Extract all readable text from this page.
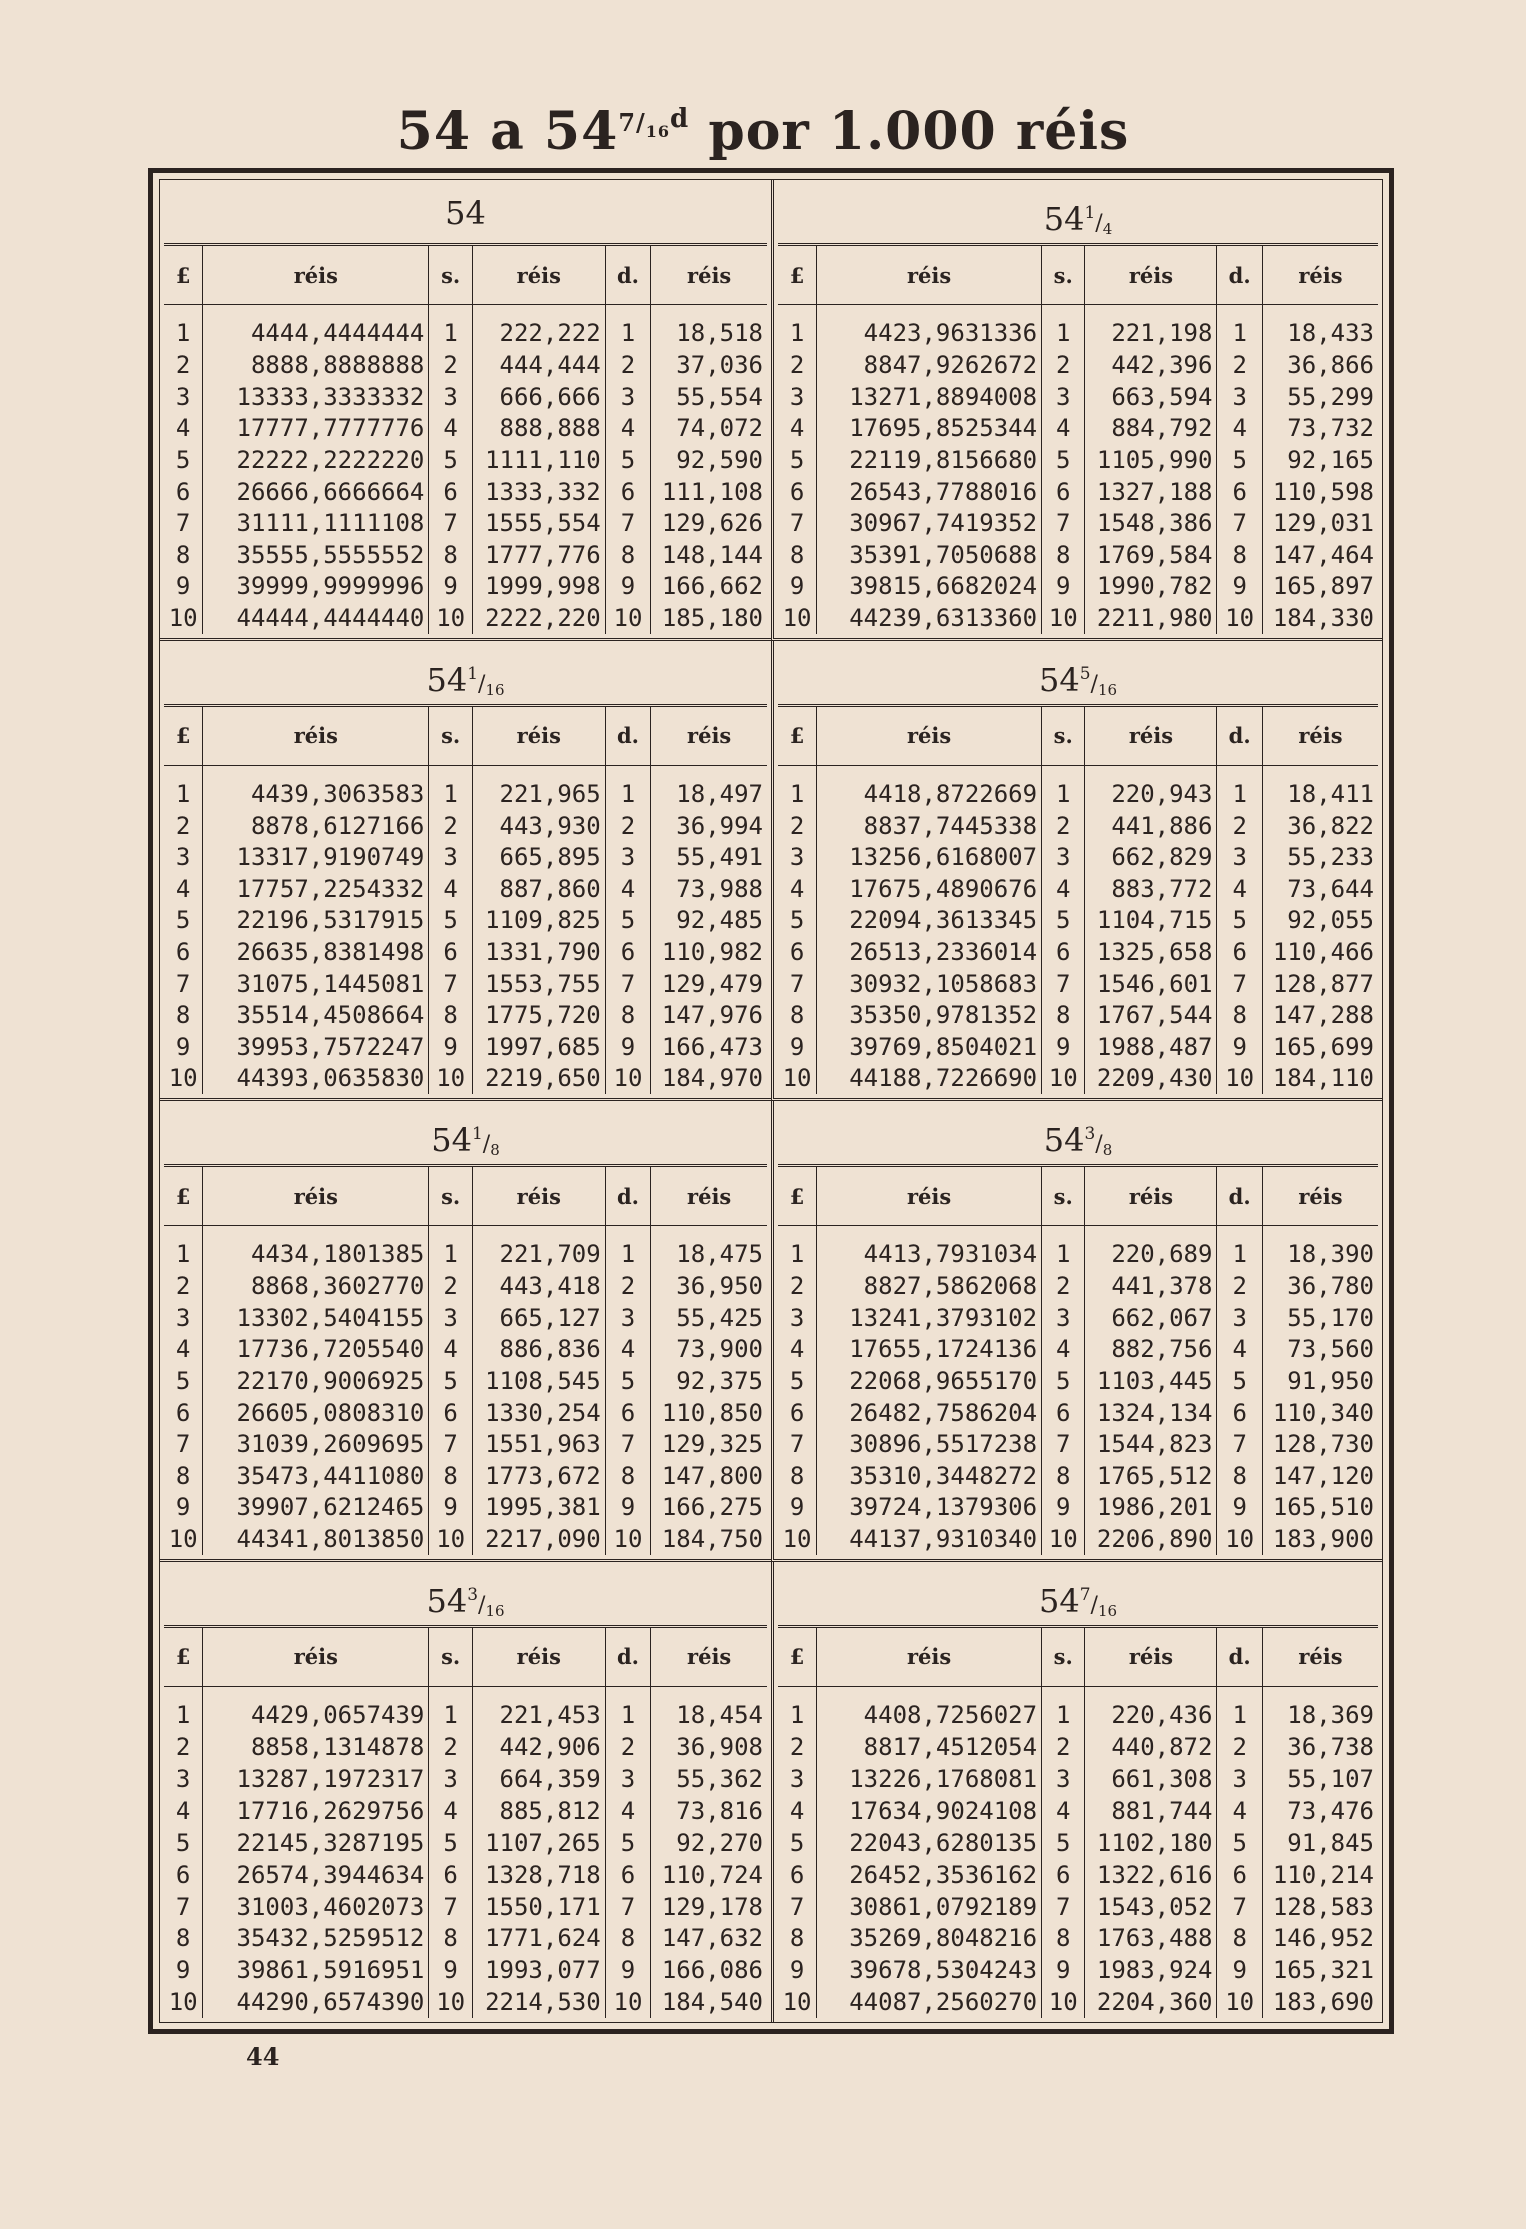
54 a $54^{7/_{16}d}$ por 1.000 réis
54
£	réis	s.	réis	d.	réis
1	4444,4444444	1	222,222	1	18,518
2	8888,8888888	2	444,444	2	37,036
3	13333,3333332	3	666,666	3	55,554
4	17777,7777776	4	888,888	4	74,072
5	22222,2222220	5	1111,110	5	92,590
6	26666,6666664	6	1333,332	6	111,108
7	31111,1111108	7	1555,554	7	129,626
8	35555,5555552	8	1777,776	8	148,144
9	39999,9999996	9	1999,998	9	166,662
10	44444,4444440	10	2222,220	10	185,180
$54^1/_4$
£	réis	s.	réis	d.	réis
1	4423,9631336	1	221,198	1	18,433
2	8847,9262672	2	442,396	2	36,866
3	13271,8894008	3	663,594	3	55,299
4	17695,8525344	4	884,792	4	73,732
5	22119,8156680	5	1105,990	5	92,165
6	26543,7788016	6	1327,188	6	110,598
7	30967,7419352	7	1548,386	7	129,031
8	35391,7050688	8	1769,584	8	147,464
9	39815,6682024	9	1990,782	9	165,897
10	44239,6313360	10	2211,980	10	184,330
$54^1/_{16}$
£	réis	s.	réis	d.	réis
1	4439,3063583	1	221,965	1	18,497
2	8878,6127166	2	443,930	2	36,994
3	13317,9190749	3	665,895	3	55,491
4	17757,2254332	4	887,860	4	73,988
5	22196,5317915	5	1109,825	5	92,485
6	26635,8381498	6	1331,790	6	110,982
7	31075,1445081	7	1553,755	7	129,479
8	35514,4508664	8	1775,720	8	147,976
9	39953,7572247	9	1997,685	9	166,473
10	44393,0635830	10	2219,650	10	184,970
$54^5/_{16}$
£	réis	s.	réis	d.	réis
1	4418,8722669	1	220,943	1	18,411
2	8837,7445338	2	441,886	2	36,822
3	13256,6168007	3	662,829	3	55,233
4	17675,4890676	4	883,772	4	73,644
5	22094,3613345	5	1104,715	5	92,055
6	26513,2336014	6	1325,658	6	110,466
7	30932,1058683	7	1546,601	7	128,877
8	35350,9781352	8	1767,544	8	147,288
9	39769,8504021	9	1988,487	9	165,699
10	44188,7226690	10	2209,430	10	184,110
$54^1/_8$
£	réis	s.	réis	d.	réis
1	4434,1801385	1	221,709	1	18,475
2	8868,3602770	2	443,418	2	36,950
3	13302,5404155	3	665,127	3	55,425
4	17736,7205540	4	886,836	4	73,900
5	22170,9006925	5	1108,545	5	92,375
6	26605,0808310	6	1330,254	6	110,850
7	31039,2609695	7	1551,963	7	129,325
8	35473,4411080	8	1773,672	8	147,800
9	39907,6212465	9	1995,381	9	166,275
10	44341,8013850	10	2217,090	10	184,750
$54^3/_8$
£	réis	s.	réis	d.	réis
1	4413,7931034	1	220,689	1	18,390
2	8827,5862068	2	441,378	2	36,780
3	13241,3793102	3	662,067	3	55,170
4	17655,1724136	4	882,756	4	73,560
5	22068,9655170	5	1103,445	5	91,950
6	26482,7586204	6	1324,134	6	110,340
7	30896,5517238	7	1544,823	7	128,730
8	35310,3448272	8	1765,512	8	147,120
9	39724,1379306	9	1986,201	9	165,510
10	44137,9310340	10	2206,890	10	183,900
$54^3/_{16}$
£	réis	s.	réis	d.	réis
1	4429,0657439	1	221,453	1	18,454
2	8858,1314878	2	442,906	2	36,908
3	13287,1972317	3	664,359	3	55,362
4	17716,2629756	4	885,812	4	73,816
5	22145,3287195	5	1107,265	5	92,270
6	26574,3944634	6	1328,718	6	110,724
7	31003,4602073	7	1550,171	7	129,178
8	35432,5259512	8	1771,624	8	147,632
9	39861,5916951	9	1993,077	9	166,086
10	44290,6574390	10	2214,530	10	184,540
$54^7/_{16}$
£	réis	s.	réis	d.	réis
1	4408,7256027	1	220,436	1	18,369
2	8817,4512054	2	440,872	2	36,738
3	13226,1768081	3	661,308	3	55,107
4	17634,9024108	4	881,744	4	73,476
5	22043,6280135	5	1102,180	5	91,845
6	26452,3536162	6	1322,616	6	110,214
7	30861,0792189	7	1543,052	7	128,583
8	35269,8048216	8	1763,488	8	146,952
9	39678,5304243	9	1983,924	9	165,321
10	44087,2560270	10	2204,360	10	183,690
44
